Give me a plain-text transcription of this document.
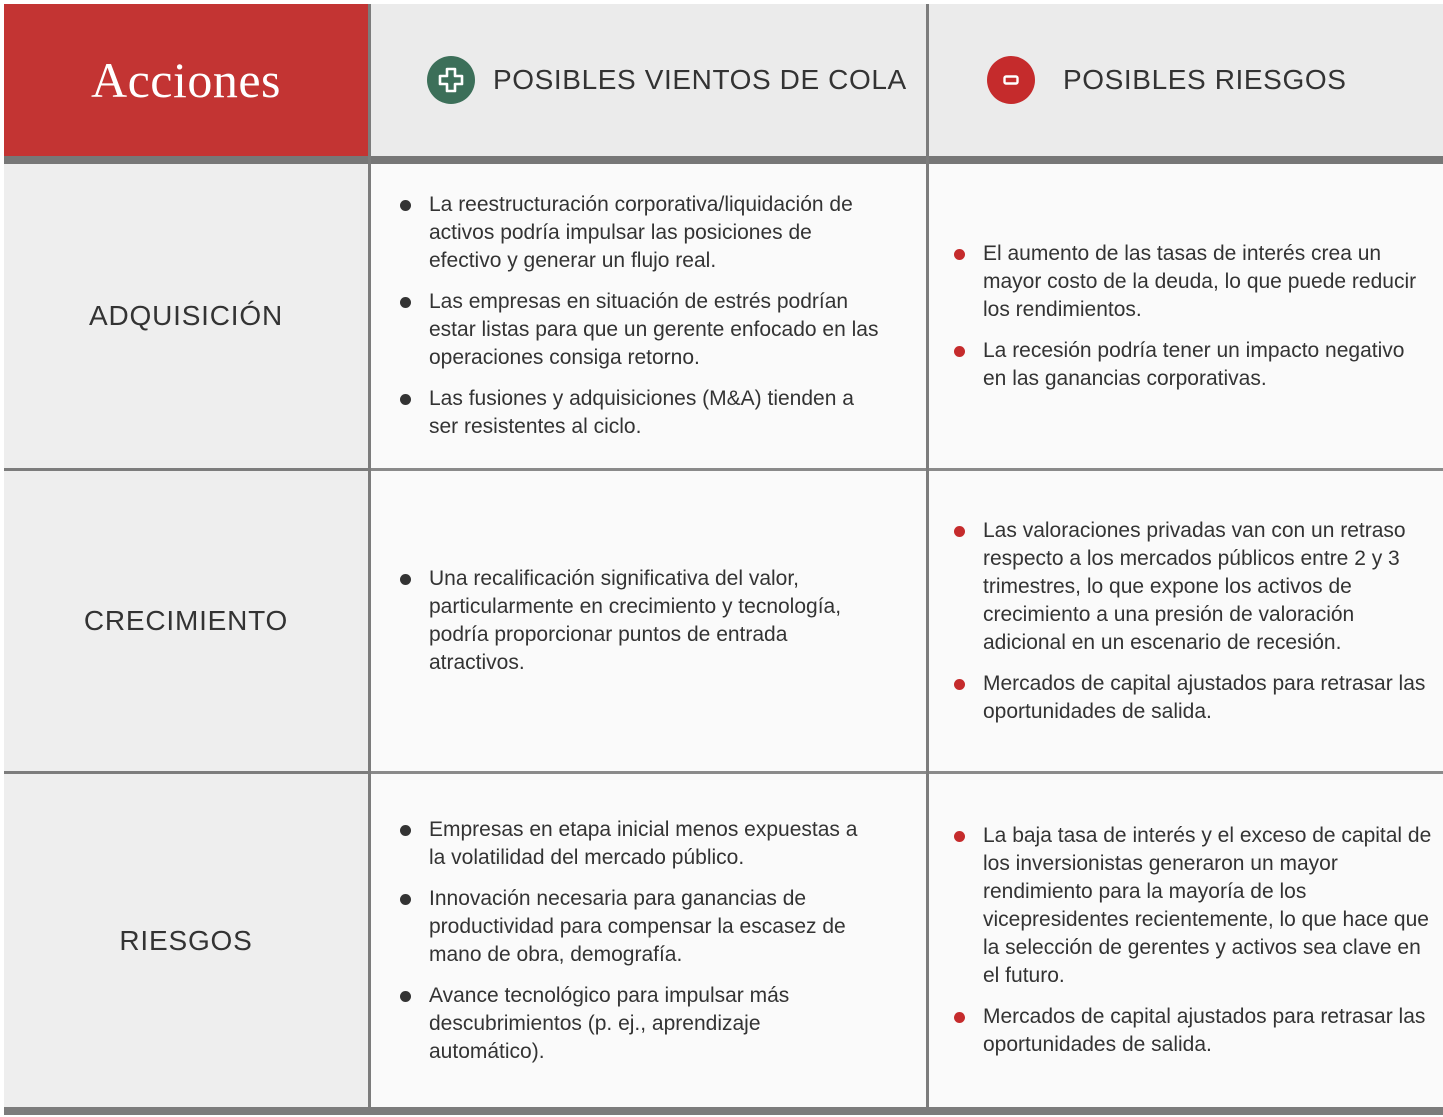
Acciones	POSIBLES VIENTOS DE COLA	POSIBLES RIESGOS
ADQUISICIÓN
La reestructuración corporativa/liquidación de activos podría impulsar las posiciones de efectivo y generar un flujo real.
Las empresas en situación de estrés podrían estar listas para que un gerente enfocado en las operaciones consiga retorno.
Las fusiones y adquisiciones (M&A) tienden a ser resistentes al ciclo.
El aumento de las tasas de interés crea un mayor costo de la deuda, lo que puede reducir los rendimientos.
La recesión podría tener un impacto negativo en las ganancias corporativas.
CRECIMIENTO
Una recalificación significativa del valor, particularmente en crecimiento y tecnología, podría proporcionar puntos de entrada atractivos.
Las valoraciones privadas van con un retraso respecto a los mercados públicos entre 2 y 3 trimestres, lo que expone los activos de crecimiento a una presión de valoración adicional en un escenario de recesión.
Mercados de capital ajustados para retrasar las oportunidades de salida.
RIESGOS
Empresas en etapa inicial menos expuestas a la volatilidad del mercado público.
Innovación necesaria para ganancias de productividad para compensar la escasez de mano de obra, demografía.
Avance tecnológico para impulsar más descubrimientos (p. ej., aprendizaje automático).
La baja tasa de interés y el exceso de capital de los inversionistas generaron un mayor rendimiento para la mayoría de los vicepresidentes recientemente, lo que hace que la selección de gerentes y activos sea clave en el futuro.
Mercados de capital ajustados para retrasar las oportunidades de salida.
